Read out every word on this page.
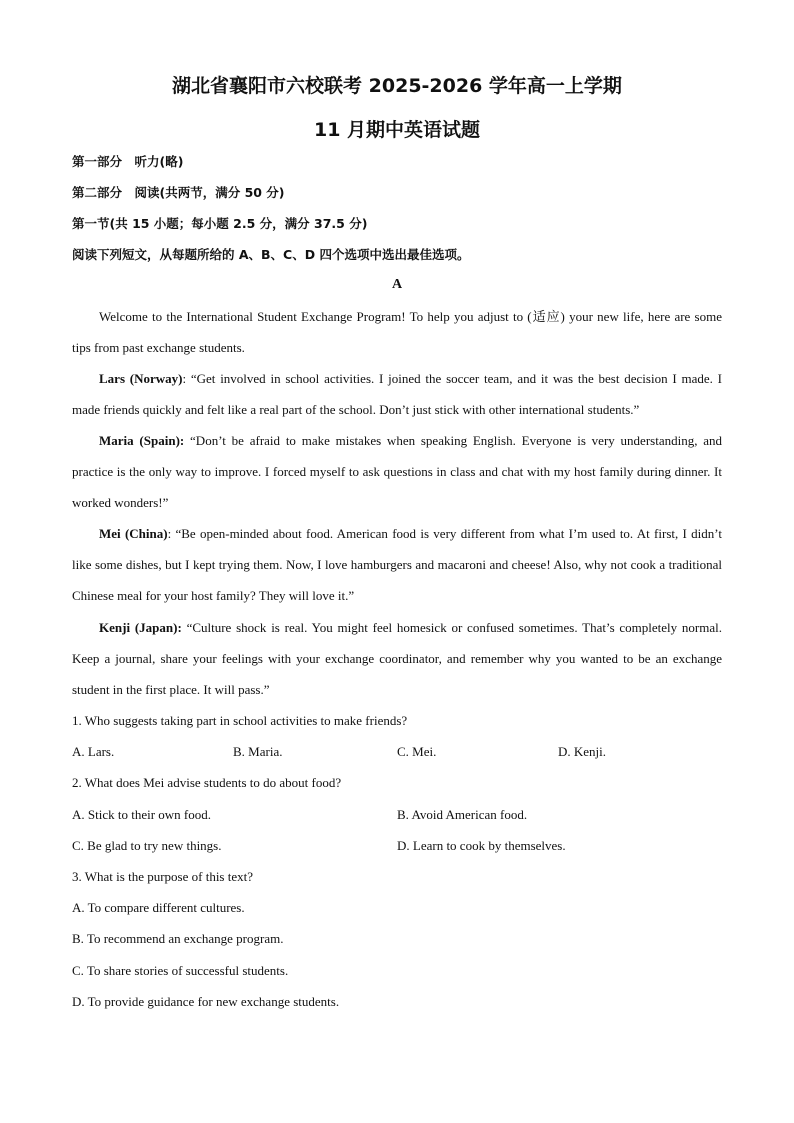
湖北省襄阳市六校联考 2025-2026 学年高一上学期
11 月期中英语试题
第一部分　听力(略)
第二部分　阅读(共两节，满分 50 分)
第一节(共 15 小题；每小题 2.5 分，满分 37.5 分)
阅读下列短文，从每题所给的 A、B、C、D 四个选项中选出最佳选项。
A

Welcome to the International Student Exchange Program! To help you adjust to (适应) your new life, here are some tips from past exchange students.

Lars (Norway): “Get involved in school activities. I joined the soccer team, and it was the best decision I made. I made friends quickly and felt like a real part of the school. Don’t just stick with other international students.”

Maria (Spain): “Don’t be afraid to make mistakes when speaking English. Everyone is very understanding, and practice is the only way to improve. I forced myself to ask questions in class and chat with my host family during dinner. It worked wonders!”

Mei (China): “Be open-minded about food. American food is very different from what I’m used to. At first, I didn’t like some dishes, but I kept trying them. Now, I love hamburgers and macaroni and cheese! Also, why not cook a traditional Chinese meal for your host family? They will love it.”

Kenji (Japan): “Culture shock is real. You might feel homesick or confused sometimes. That’s completely normal. Keep a journal, share your feelings with your exchange coordinator, and remember why you wanted to be an exchange student in the first place. It will pass.”

1. Who suggests taking part in school activities to make friends?
A. Lars.	B. Maria.	C. Mei.	D. Kenji.
2. What does Mei advise students to do about food?
A. Stick to their own food.	B. Avoid American food.
C. Be glad to try new things.	D. Learn to cook by themselves.
3. What is the purpose of this text?
A. To compare different cultures.
B. To recommend an exchange program.
C. To share stories of successful students.
D. To provide guidance for new exchange students.
